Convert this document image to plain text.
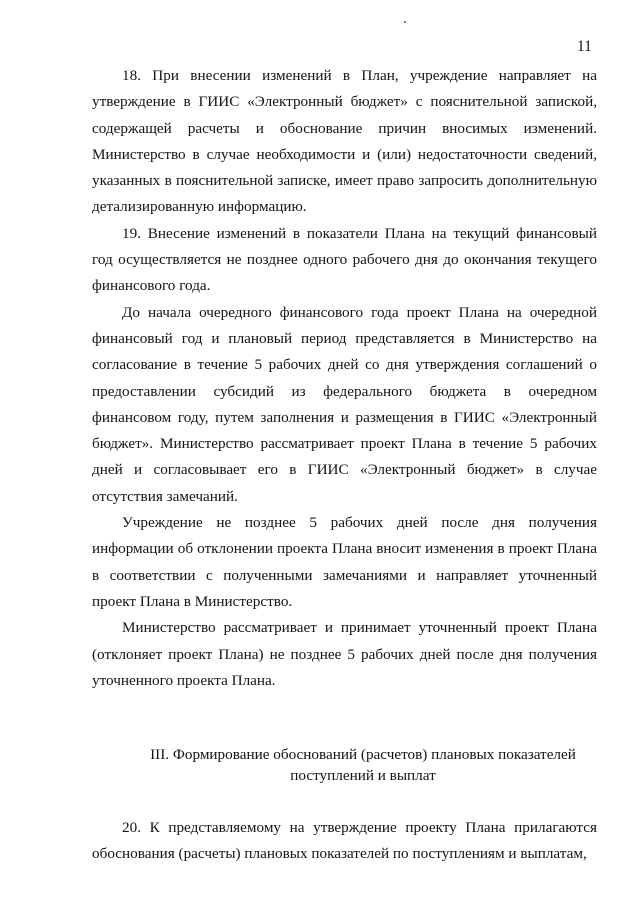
11

18. При внесении изменений в План, учреждение направляет на утверждение в ГИИС «Электронный бюджет» с пояснительной запиской, содержащей расчеты и обоснование причин вносимых изменений. Министерство в случае необходимости и (или) недостаточности сведений, указанных в пояснительной записке, имеет право запросить дополнительную детализированную информацию.

19. Внесение изменений в показатели Плана на текущий финансовый год осуществляется не позднее одного рабочего дня до окончания текущего финансового года.

До начала очередного финансового года проект Плана на очередной финансовый год и плановый период представляется в Министерство на согласование в течение 5 рабочих дней со дня утверждения соглашений о предоставлении субсидий из федерального бюджета в очередном финансовом году, путем заполнения и размещения в ГИИС «Электронный бюджет». Министерство рассматривает проект Плана в течение 5 рабочих дней и согласовывает его в ГИИС «Электронный бюджет» в случае отсутствия замечаний.

Учреждение не позднее 5 рабочих дней после дня получения информации об отклонении проекта Плана вносит изменения в проект Плана в соответствии с полученными замечаниями и направляет уточненный проект Плана в Министерство.

Министерство рассматривает и принимает уточненный проект Плана (отклоняет проект Плана) не позднее 5 рабочих дней после дня получения уточненного проекта Плана.

III. Формирование обоснований (расчетов) плановых показателей поступлений и выплат

20. К представляемому на утверждение проекту Плана прилагаются обоснования (расчеты) плановых показателей по поступлениям и выплатам,
